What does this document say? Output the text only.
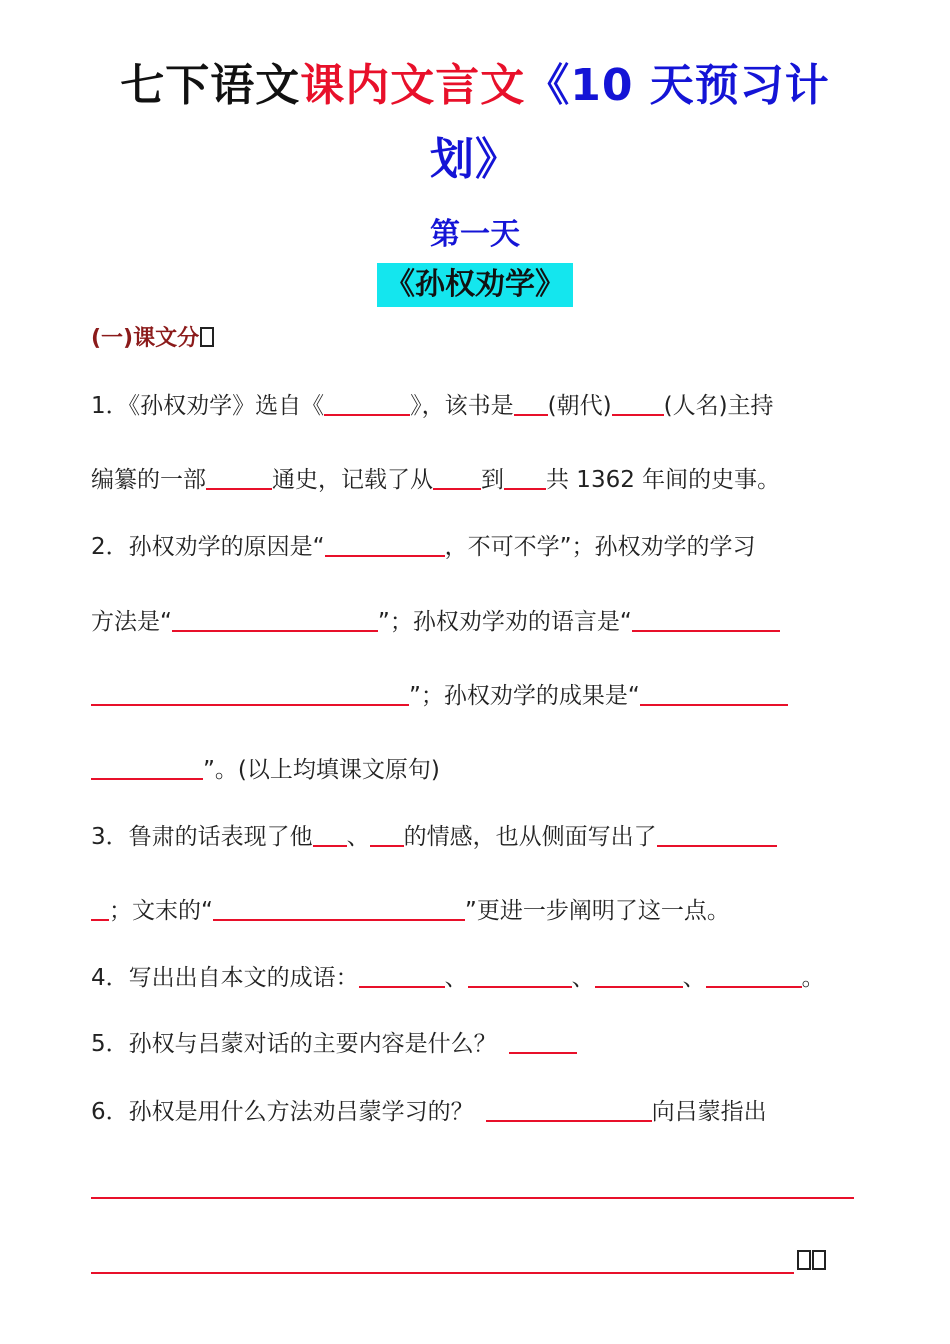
七下语文课内文言文《10 天预习计
划》
第一天
《孙权劝学》
(一)课文分
1．《孙权劝学》选自《	》，该书是 (朝代) (人名)主持
编纂的一部	通史，记载了从 到 共 1362 年间的史事。
2．孙权劝学的原因是“	，不可不学”；孙权劝学的学习
方法是“	”；孙权劝学劝的语言是“
”；孙权劝学的成果是“
”。(以上均填课文原句)
3．鲁肃的话表现了他 、 的情感，也从侧面写出了
；文末的“	”更进一步阐明了这一点。
4．写出出自本文的成语：	、	、	、	。
5．孙权与吕蒙对话的主要内容是什么？
6．孙权是用什么方法劝吕蒙学习的？	向吕蒙指出
